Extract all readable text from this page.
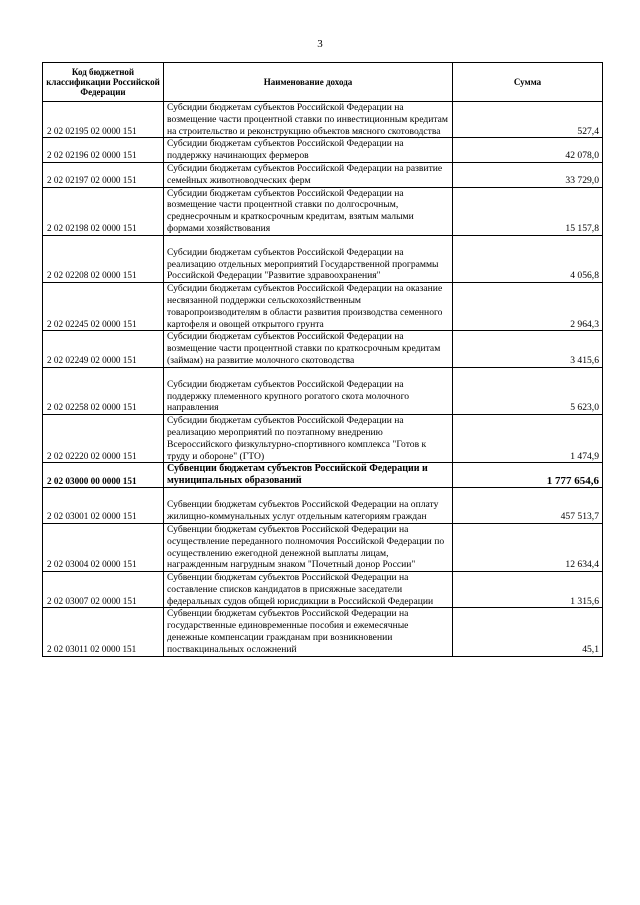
3
Код бюджетной классификации Российской Федерации	Наименование дохода	Сумма
2 02 02195 02 0000 151	Субсидии бюджетам субъектов Российской Федерации на возмещение части процентной ставки по инвестиционным кредитам на строительство и реконструкцию объектов мясного скотоводства	527,4
2 02 02196 02 0000 151	Субсидии бюджетам субъектов Российской Федерации на поддержку начинающих фермеров	42 078,0
2 02 02197 02 0000 151	Субсидии бюджетам субъектов Российской Федерации на развитие семейных животноводческих ферм	33 729,0
2 02 02198 02 0000 151	Субсидии бюджетам субъектов Российской Федерации на возмещение части процентной ставки по долгосрочным, среднесрочным и краткосрочным кредитам, взятым малыми формами хозяйствования	15 157,8
2 02 02208 02 0000 151	Субсидии бюджетам субъектов Российской Федерации на реализацию отдельных мероприятий Государственной программы Российской Федерации "Развитие здравоохранения"	4 056,8
2 02 02245 02 0000 151	Субсидии бюджетам субъектов Российской Федерации на оказание несвязанной поддержки сельскохозяйственным товаропроизводителям в области развития производства семенного картофеля и овощей открытого грунта	2 964,3
2 02 02249 02 0000 151	Субсидии бюджетам субъектов Российской Федерации на возмещение части процентной ставки по краткосрочным кредитам (займам) на развитие молочного скотоводства	3 415,6
2 02 02258 02 0000 151	Субсидии бюджетам субъектов Российской Федерации на поддержку племенного крупного рогатого скота молочного направления	5 623,0
2 02 02220 02 0000 151	Субсидии бюджетам субъектов Российской Федерации на реализацию мероприятий по поэтапному внедрению Всероссийского физкультурно-спортивного комплекса "Готов к труду и обороне" (ГТО)	1 474,9
2 02 03000 00 0000 151	Субвенции бюджетам субъектов Российской Федерации и муниципальных образований	1 777 654,6
2 02 03001 02 0000 151	Субвенции бюджетам субъектов Российской Федерации на оплату жилищно-коммунальных услуг отдельным категориям граждан	457 513,7
2 02 03004 02 0000 151	Субвенции бюджетам субъектов Российской Федерации на осуществление переданного полномочия Российской Федерации по осуществлению ежегодной денежной выплаты лицам, награжденным нагрудным знаком "Почетный донор России"	12 634,4
2 02 03007 02 0000 151	Субвенции бюджетам субъектов Российской Федерации на составление списков кандидатов в присяжные заседатели федеральных судов общей юрисдикции в Российской Федерации	1 315,6
2 02 03011 02 0000 151	Субвенции бюджетам субъектов Российской Федерации на государственные единовременные пособия и ежемесячные денежные компенсации гражданам при возникновении поствакцинальных осложнений	45,1
